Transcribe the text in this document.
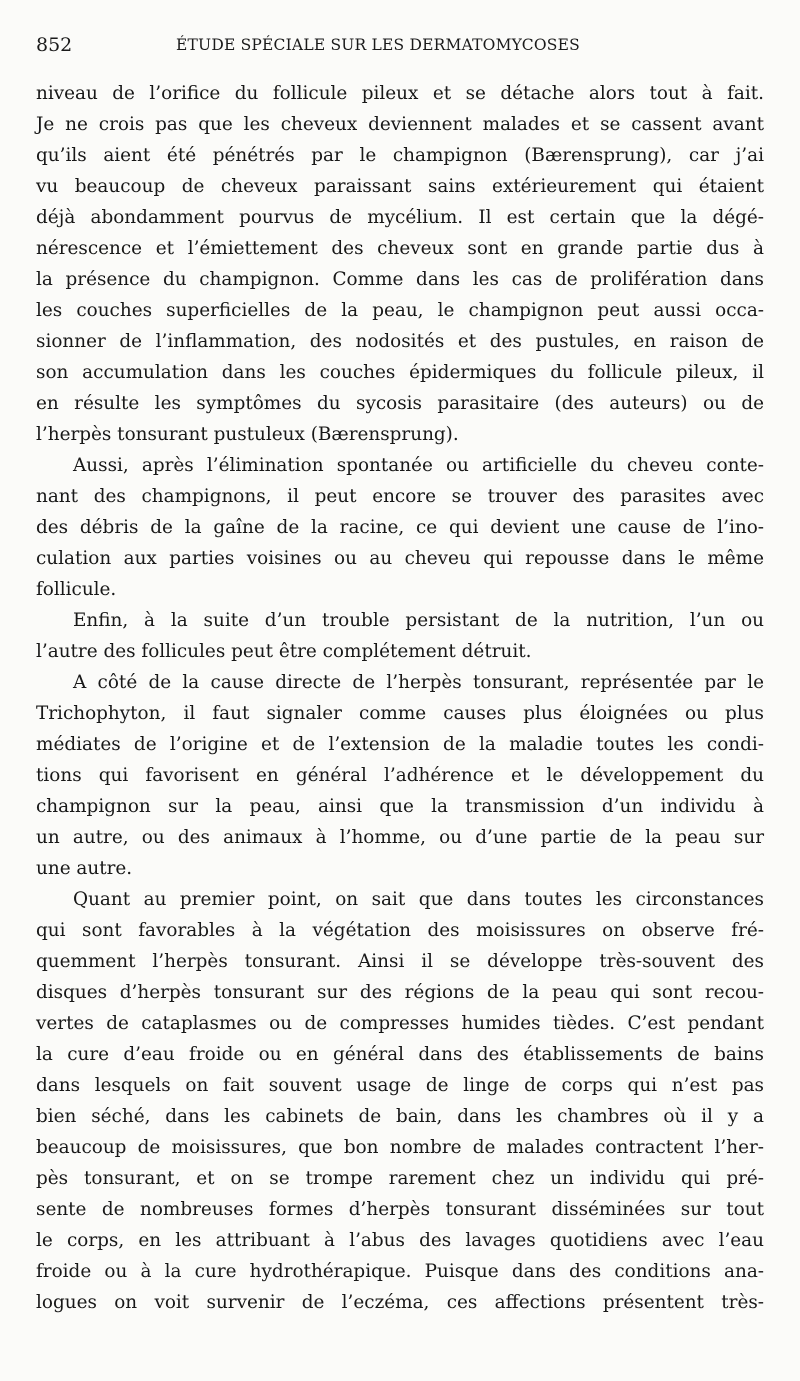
852	ÉTUDE SPÉCIALE SUR LES DERMATOMYCOSES
niveau de l’orifice du follicule pileux et se détache alors tout à fait.
Je ne crois pas que les cheveux deviennent malades et se cassent avant
qu’ils aient été pénétrés par le champignon (Bærensprung), car j’ai
vu beaucoup de cheveux paraissant sains extérieurement qui étaient
déjà abondamment pourvus de mycélium. Il est certain que la dégé-
nérescence et l’émiettement des cheveux sont en grande partie dus à
la présence du champignon. Comme dans les cas de prolifération dans
les couches superficielles de la peau, le champignon peut aussi occa-
sionner de l’inflammation, des nodosités et des pustules, en raison de
son accumulation dans les couches épidermiques du follicule pileux, il
en résulte les symptômes du sycosis parasitaire (des auteurs) ou de
l’herpès tonsurant pustuleux (Bærensprung).
Aussi, après l’élimination spontanée ou artificielle du cheveu conte-
nant des champignons, il peut encore se trouver des parasites avec
des débris de la gaîne de la racine, ce qui devient une cause de l’ino-
culation aux parties voisines ou au cheveu qui repousse dans le même
follicule.
Enfin, à la suite d’un trouble persistant de la nutrition, l’un ou
l’autre des follicules peut être complétement détruit.
A côté de la cause directe de l’herpès tonsurant, représentée par le
Trichophyton, il faut signaler comme causes plus éloignées ou plus
médiates de l’origine et de l’extension de la maladie toutes les condi-
tions qui favorisent en général l’adhérence et le développement du
champignon sur la peau, ainsi que la transmission d’un individu à
un autre, ou des animaux à l’homme, ou d’une partie de la peau sur
une autre.
Quant au premier point, on sait que dans toutes les circonstances
qui sont favorables à la végétation des moisissures on observe fré-
quemment l’herpès tonsurant. Ainsi il se développe très-souvent des
disques d’herpès tonsurant sur des régions de la peau qui sont recou-
vertes de cataplasmes ou de compresses humides tièdes. C’est pendant
la cure d’eau froide ou en général dans des établissements de bains
dans lesquels on fait souvent usage de linge de corps qui n’est pas
bien séché, dans les cabinets de bain, dans les chambres où il y a
beaucoup de moisissures, que bon nombre de malades contractent l’her-
pès tonsurant, et on se trompe rarement chez un individu qui pré-
sente de nombreuses formes d’herpès tonsurant disséminées sur tout
le corps, en les attribuant à l’abus des lavages quotidiens avec l’eau
froide ou à la cure hydrothérapique. Puisque dans des conditions ana-
logues on voit survenir de l’eczéma, ces affections présentent très-
